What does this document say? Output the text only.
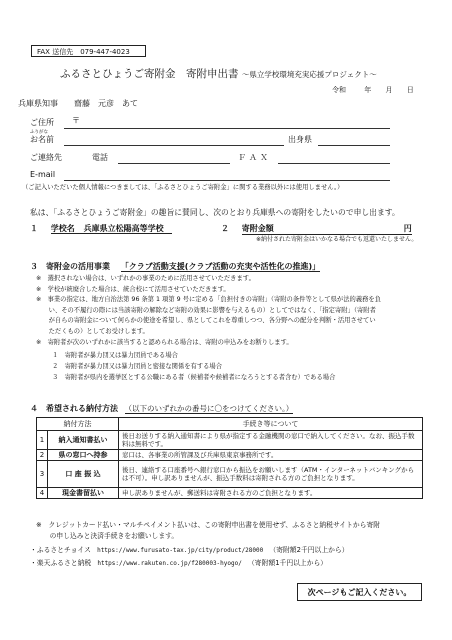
FAX 送信先　079-447-4023
ふるさとひょうご寄附金　寄附申出書 ～県立学校環境充実応援プロジェクト～
令和	年 月 日
兵庫県知事　　齋藤　元彦　あて
ご住所 〒
ふりがな
お名前	出身県
ご連絡先	電話	ＦＡＸ
E-mail
（ご記入いただいた個人情報につきましては、「ふるさとひょうご寄附金」に関する業務以外には使用しません。）
私は、「ふるさとひょうご寄附金」の趣旨に賛同し、次のとおり兵庫県への寄附をしたいので申し出ます。
１ 学校名 兵庫県立松陽高等学校	２ 寄附金額	円
※納付された寄附金はいかなる場合でも返還いたしません。
３　寄附金の活用事業 「クラブ活動支援(クラブ活動の充実や活性化の推進)」
※　選択されない場合は、いずれかの事業のために活用させていただきます。
※　学校が統廃合した場合は、統合校にて活用させていただきます。
※　事業の指定は、地方自治法第 96 条第 1 項第 9 号に定める「負担付きの寄附」（寄附の条件等として県が法的義務を負
　　い、その不履行の際には当該寄附の解除など寄附の効果に影響を与えるもの）としてではなく、「指定寄附」（寄附者
　　が自らの寄附金について何らかの使途を希望し、県としてこれを尊重しつつ、各分野への配分を判断・活用させてい
　　ただくもの）としてお受けします。
※　寄附者が次のいずれかに該当すると認められる場合は、寄附の申込みをお断りします。
１　寄附者が暴力団又は暴力団員である場合
２　寄附者が暴力団又は暴力団員と密接な関係を有する場合
３　寄附者が県内を選挙区とする公職にある者（候補者や候補者になろうとする者含む）である場合
４　希望される納付方法 （以下のいずれかの番号に〇をつけてください。）
納付方法		手続き等について
1	納入通知書払い	後日お送りする納入通知書により県が指定する金融機関の窓口で納入してください。なお、振込手数料は無料です。
2	県の窓口へ持参	窓口は、各事業の所管課及び兵庫県東京事務所です。
3	口 座 振 込	後日、連絡する口座番号へ銀行窓口から振込をお願いします（ATM・インターネットバンキングからは不可）。申し訳ありませんが、振込手数料は寄附される方のご負担となります。
4	現金書留払い	申し訳ありませんが、郵送料は寄附される方のご負担となります。
※　クレジットカード払い・マルチペイメント払いは、この寄附申出書を使用せず、ふるさと納税サイトから寄附
　　の申し込みと決済手続きをお願いします。
・ふるさとチョイス https://www.furusato-tax.jp/city/product/28000 （寄附額2千円以上から）
・楽天ふるさと納税 https://www.rakuten.co.jp/f280003-hyogo/ （寄附額1千円以上から）
次ページもご記入ください。
